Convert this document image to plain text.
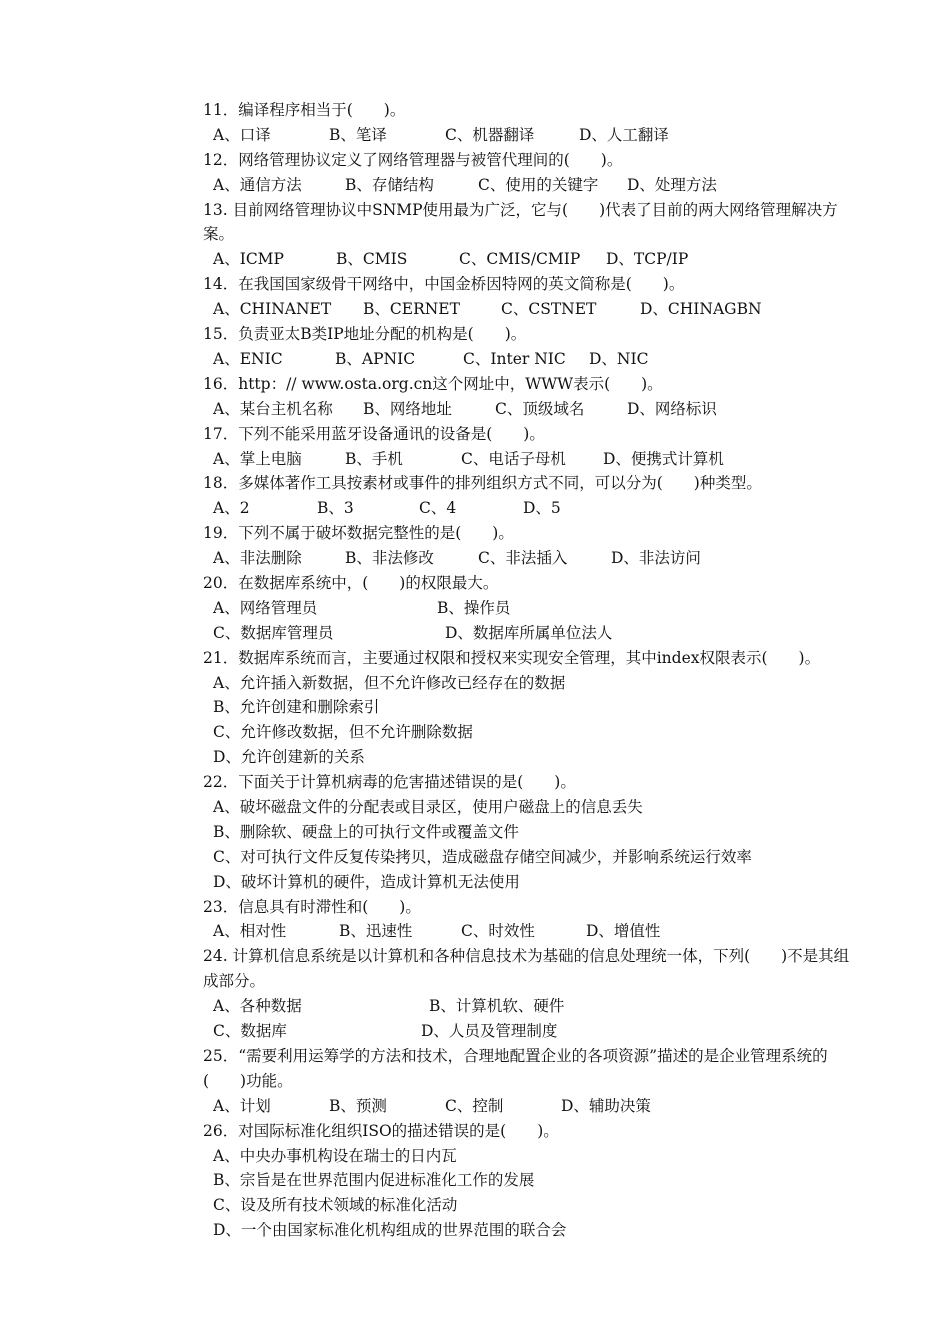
11．编译程序相当于(　　)。
A、口译	B、笔译	C、机器翻译	D、人工翻译
12．网络管理协议定义了网络管理器与被管代理间的(　　)。
A、通信方法	B、存储结构	C、使用的关键字 D、处理方法
13. 目前网络管理协议中SNMP使用最为广泛，它与(　　)代表了目前的两大网络管理解决方案。
A、ICMP	B、CMIS	C、CMIS/CMIP D、TCP/IP
14．在我国国家级骨干网络中，中国金桥因特网的英文简称是(　　)。
A、CHINANET B、CERNET	C、CSTNET	D、CHINAGBN
15．负责亚太B类IP地址分配的机构是(　　)。
A、ENIC	B、APNIC	C、Inter NIC D、NIC
16．http：// www.osta.org.cn这个网址中，WWW表示(　　)。
A、某台主机名称 B、网络地址	C、顶级域名	D、网络标识
17．下列不能采用蓝牙设备通讯的设备是(　　)。
A、掌上电脑	B、手机	C、电话子母机 D、便携式计算机
18．多媒体著作工具按素材或事件的排列组织方式不同，可以分为(　　)种类型。
A、2	B、3	C、4	D、5
19．下列不属于破坏数据完整性的是(　　)。
A、非法删除	B、非法修改	C、非法插入	D、非法访问
20．在数据库系统中，(　　)的权限最大。
A、网络管理员	B、操作员
C、数据库管理员	D、数据库所属单位法人
21．数据库系统而言，主要通过权限和授权来实现安全管理，其中index权限表示(　　)。
A、允许插入新数据，但不允许修改已经存在的数据
B、允许创建和删除索引
C、允许修改数据，但不允许删除数据
D、允许创建新的关系
22．下面关于计算机病毒的危害描述错误的是(　　)。
A、破坏磁盘文件的分配表或目录区，使用户磁盘上的信息丢失
B、删除软、硬盘上的可执行文件或覆盖文件
C、对可执行文件反复传染拷贝，造成磁盘存储空间减少，并影响系统运行效率
D、破坏计算机的硬件，造成计算机无法使用
23．信息具有时滞性和(　　)。
A、相对性	B、迅速性	C、时效性	D、增值性
24. 计算机信息系统是以计算机和各种信息技术为基础的信息处理统一体，下列(　　)不是其组成部分。
A、各种数据	B、计算机软、硬件
C、数据库	D、人员及管理制度
25．“需要利用运筹学的方法和技术，合理地配置企业的各项资源”描述的是企业管理系统的(　　)功能。
A、计划	B、预测	C、控制	D、辅助决策
26．对国际标准化组织ISO的描述错误的是(　　)。
A、中央办事机构设在瑞士的日内瓦
B、宗旨是在世界范围内促进标准化工作的发展
C、设及所有技术领域的标准化活动
D、一个由国家标准化机构组成的世界范围的联合会
